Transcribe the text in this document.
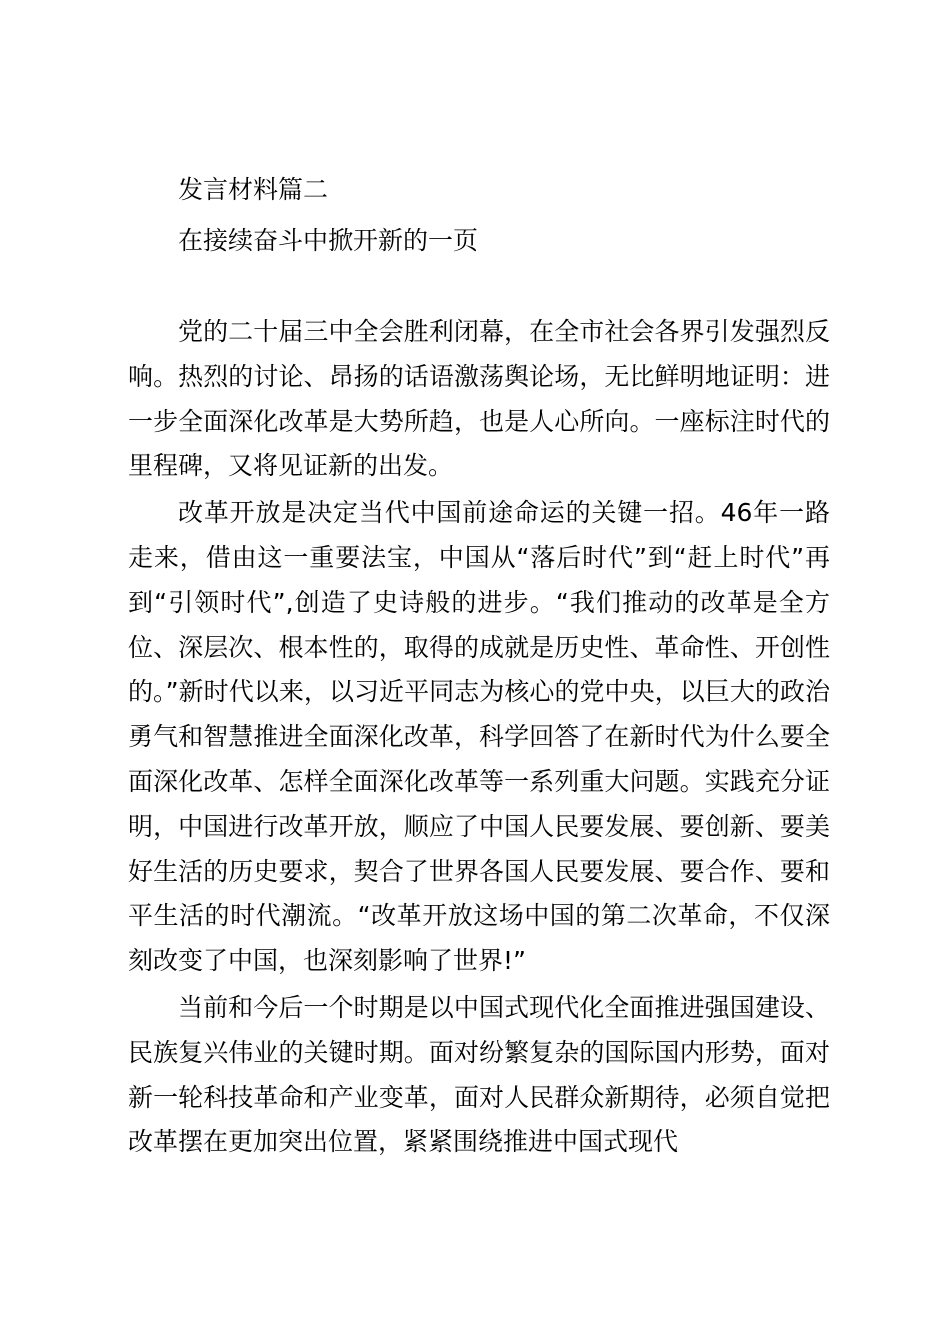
发言材料篇二
在接续奋斗中掀开新的一页

党的二十届三中全会胜利闭幕，在全市社会各界引发强烈反响。热烈的讨论、昂扬的话语激荡舆论场，无比鲜明地证明：进一步全面深化改革是大势所趋，也是人心所向。一座标注时代的里程碑，又将见证新的出发。

改革开放是决定当代中国前途命运的关键一招。46年一路走来，借由这一重要法宝，中国从“落后时代”到“赶上时代”再到“引领时代”,创造了史诗般的进步。“我们推动的改革是全方位、深层次、根本性的，取得的成就是历史性、革命性、开创性的。”新时代以来，以习近平同志为核心的党中央，以巨大的政治勇气和智慧推进全面深化改革，科学回答了在新时代为什么要全面深化改革、怎样全面深化改革等一系列重大问题。实践充分证明，中国进行改革开放，顺应了中国人民要发展、要创新、要美好生活的历史要求，契合了世界各国人民要发展、要合作、要和平生活的时代潮流。“改革开放这场中国的第二次革命，不仅深刻改变了中国，也深刻影响了世界!”

当前和今后一个时期是以中国式现代化全面推进强国建设、民族复兴伟业的关键时期。面对纷繁复杂的国际国内形势，面对新一轮科技革命和产业变革，面对人民群众新期待，必须自觉把改革摆在更加突出位置，紧紧围绕推进中国式现代
